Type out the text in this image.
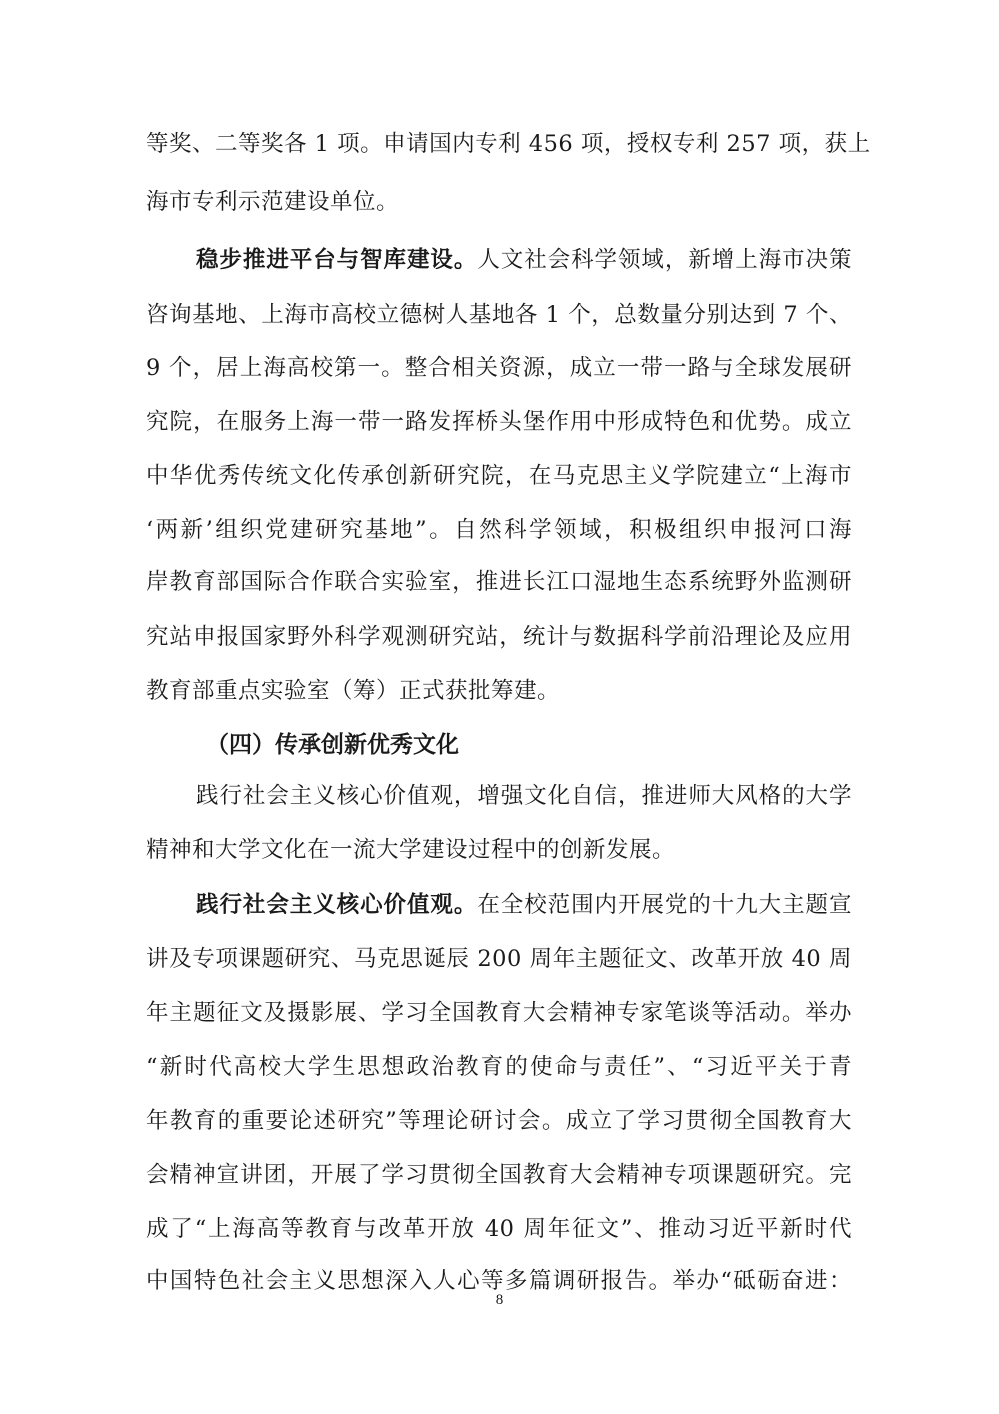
等奖、二等奖各 1 项。申请国内专利 456 项，授权专利 257 项，获上
海市专利示范建设单位。
稳步推进平台与智库建设。人文社会科学领域，新增上海市决策
咨询基地、上海市高校立德树人基地各 1 个，总数量分别达到 7 个、
9 个，居上海高校第一。整合相关资源，成立一带一路与全球发展研
究院，在服务上海一带一路发挥桥头堡作用中形成特色和优势。成立
中华优秀传统文化传承创新研究院，在马克思主义学院建立“上海市
‘两新’组织党建研究基地”。自然科学领域，积极组织申报河口海
岸教育部国际合作联合实验室，推进长江口湿地生态系统野外监测研
究站申报国家野外科学观测研究站，统计与数据科学前沿理论及应用
教育部重点实验室（筹）正式获批筹建。
（四）传承创新优秀文化
践行社会主义核心价值观，增强文化自信，推进师大风格的大学
精神和大学文化在一流大学建设过程中的创新发展。
践行社会主义核心价值观。在全校范围内开展党的十九大主题宣
讲及专项课题研究、马克思诞辰 200 周年主题征文、改革开放 40 周
年主题征文及摄影展、学习全国教育大会精神专家笔谈等活动。举办
“新时代高校大学生思想政治教育的使命与责任”、“习近平关于青
年教育的重要论述研究”等理论研讨会。成立了学习贯彻全国教育大
会精神宣讲团，开展了学习贯彻全国教育大会精神专项课题研究。完
成了“上海高等教育与改革开放 40 周年征文”、推动习近平新时代
中国特色社会主义思想深入人心等多篇调研报告。举办“砥砺奋进：
8
